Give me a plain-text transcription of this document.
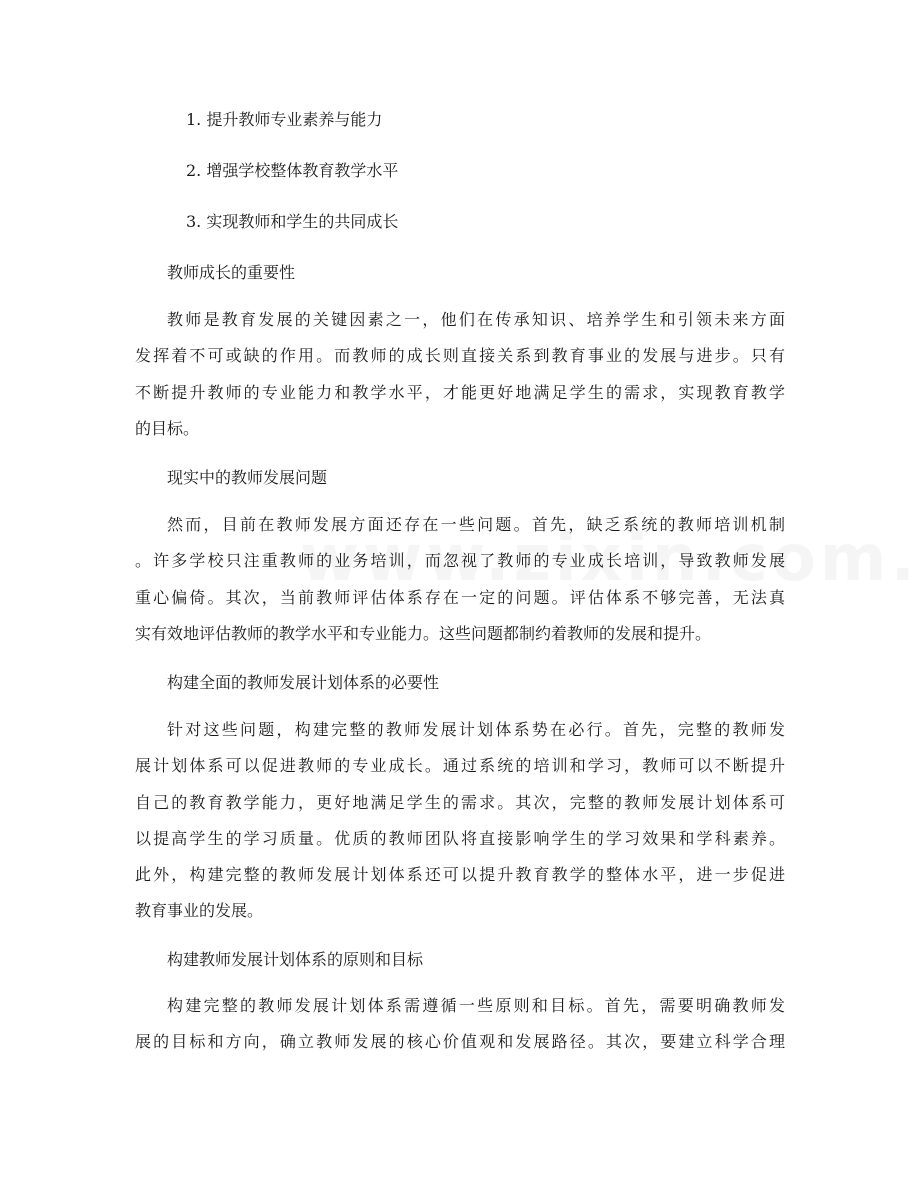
1. 提升教师专业素养与能力
2. 增强学校整体教育教学水平
3. 实现教师和学生的共同成长
教师成长的重要性
教师是教育发展的关键因素之一，他们在传承知识、培养学生和引领未来方面
发挥着不可或缺的作用。而教师的成长则直接关系到教育事业的发展与进步。只有
不断提升教师的专业能力和教学水平，才能更好地满足学生的需求，实现教育教学
的目标。
现实中的教师发展问题
然而，目前在教师发展方面还存在一些问题。首先，缺乏系统的教师培训机制
。许多学校只注重教师的业务培训，而忽视了教师的专业成长培训，导致教师发展
重心偏倚。其次，当前教师评估体系存在一定的问题。评估体系不够完善，无法真
实有效地评估教师的教学水平和专业能力。这些问题都制约着教师的发展和提升。
构建全面的教师发展计划体系的必要性
针对这些问题，构建完整的教师发展计划体系势在必行。首先，完整的教师发
展计划体系可以促进教师的专业成长。通过系统的培训和学习，教师可以不断提升
自己的教育教学能力，更好地满足学生的需求。其次，完整的教师发展计划体系可
以提高学生的学习质量。优质的教师团队将直接影响学生的学习效果和学科素养。
此外，构建完整的教师发展计划体系还可以提升教育教学的整体水平，进一步促进
教育事业的发展。
构建教师发展计划体系的原则和目标
构建完整的教师发展计划体系需遵循一些原则和目标。首先，需要明确教师发
展的目标和方向，确立教师发展的核心价值观和发展路径。其次，要建立科学合理
